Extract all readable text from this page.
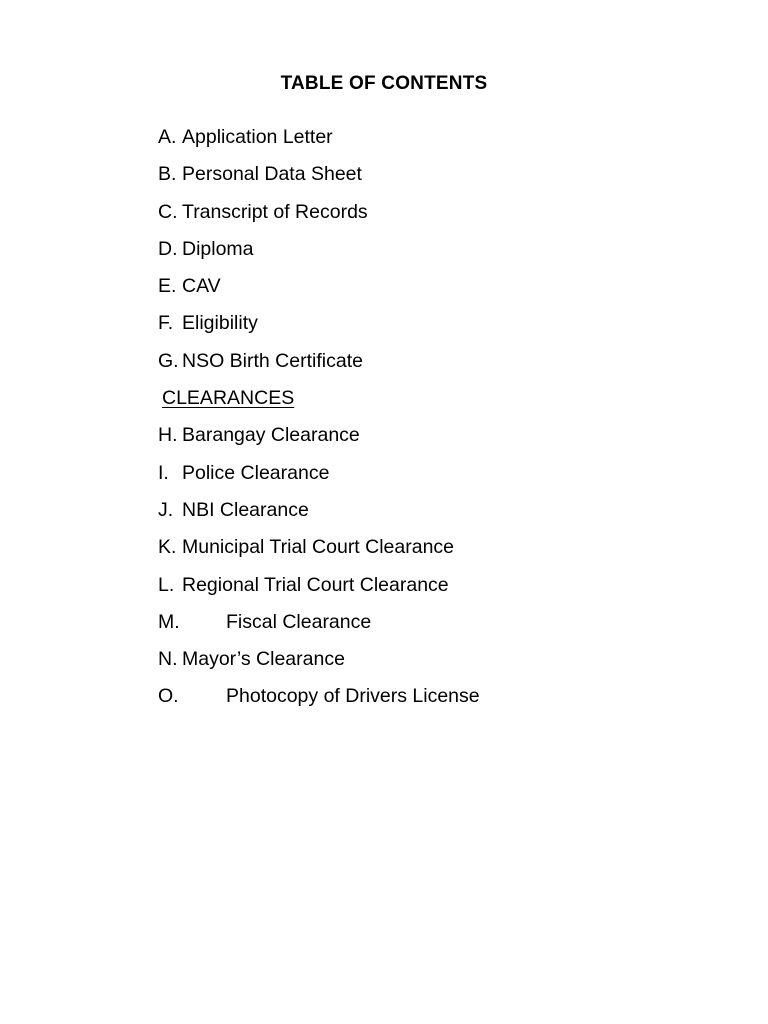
TABLE OF CONTENTS
A. Application Letter
B. Personal Data Sheet
C. Transcript of Records
D. Diploma
E. CAV
F. Eligibility
G. NSO Birth Certificate
CLEARANCES
H. Barangay Clearance
I. Police Clearance
J. NBI Clearance
K. Municipal Trial Court Clearance
L. Regional Trial Court Clearance
M.	Fiscal Clearance
N. Mayor’s Clearance
O.	Photocopy of Drivers License
